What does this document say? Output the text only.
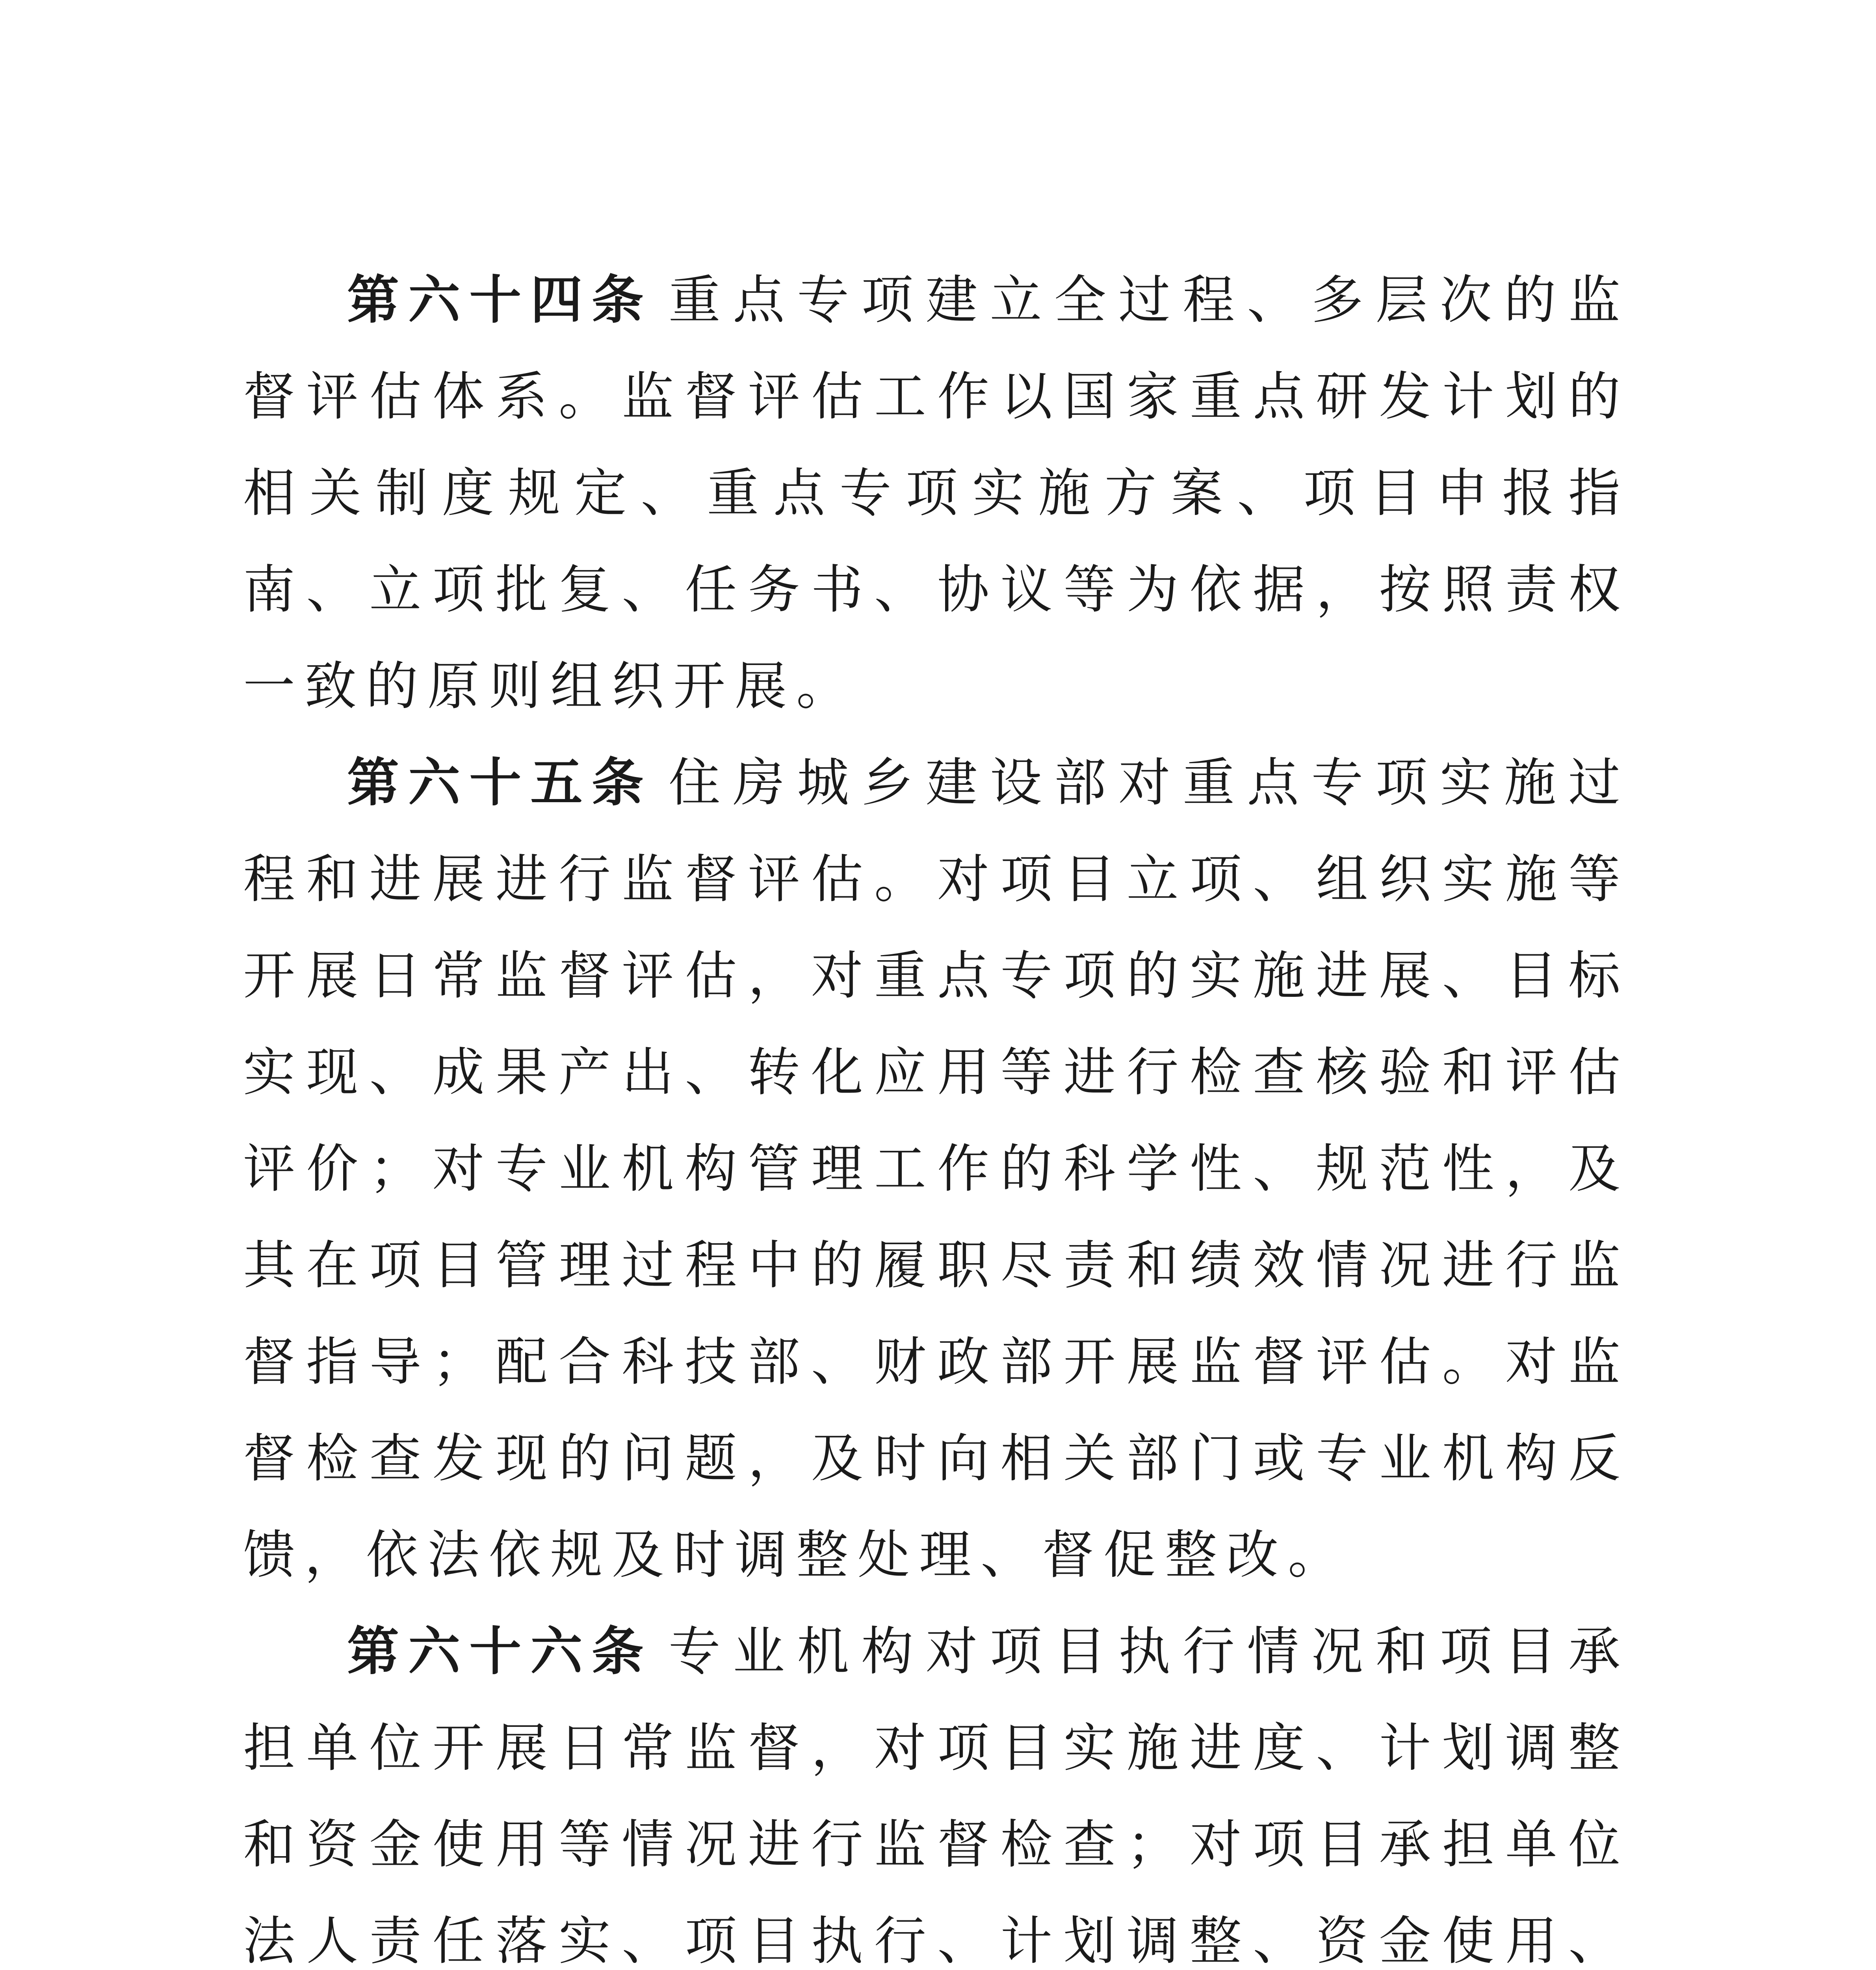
第六十四条 重点专项建立全过程、多层次的监督评估体系。监督评估工作以国家重点研发计划的相关制度规定、重点专项实施方案、项目申报指南、立项批复、任务书、协议等为依据，按照责权一致的原则组织开展。

第六十五条 住房城乡建设部对重点专项实施过程和进展进行监督评估。对项目立项、组织实施等开展日常监督评估，对重点专项的实施进展、目标实现、成果产出、转化应用等进行检查核验和评估评价；对专业机构管理工作的科学性、规范性，及其在项目管理过程中的履职尽责和绩效情况进行监督指导；配合科技部、财政部开展监督评估。对监督检查发现的问题，及时向相关部门或专业机构反馈，依法依规及时调整处理、督促整改。

第六十六条 专业机构对项目执行情况和项目承担单位开展日常监督，对项目实施进度、计划调整和资金使用等情况进行监督检查；对项目承担单位法人责任落实、项目执行、计划调整、资金使用、
